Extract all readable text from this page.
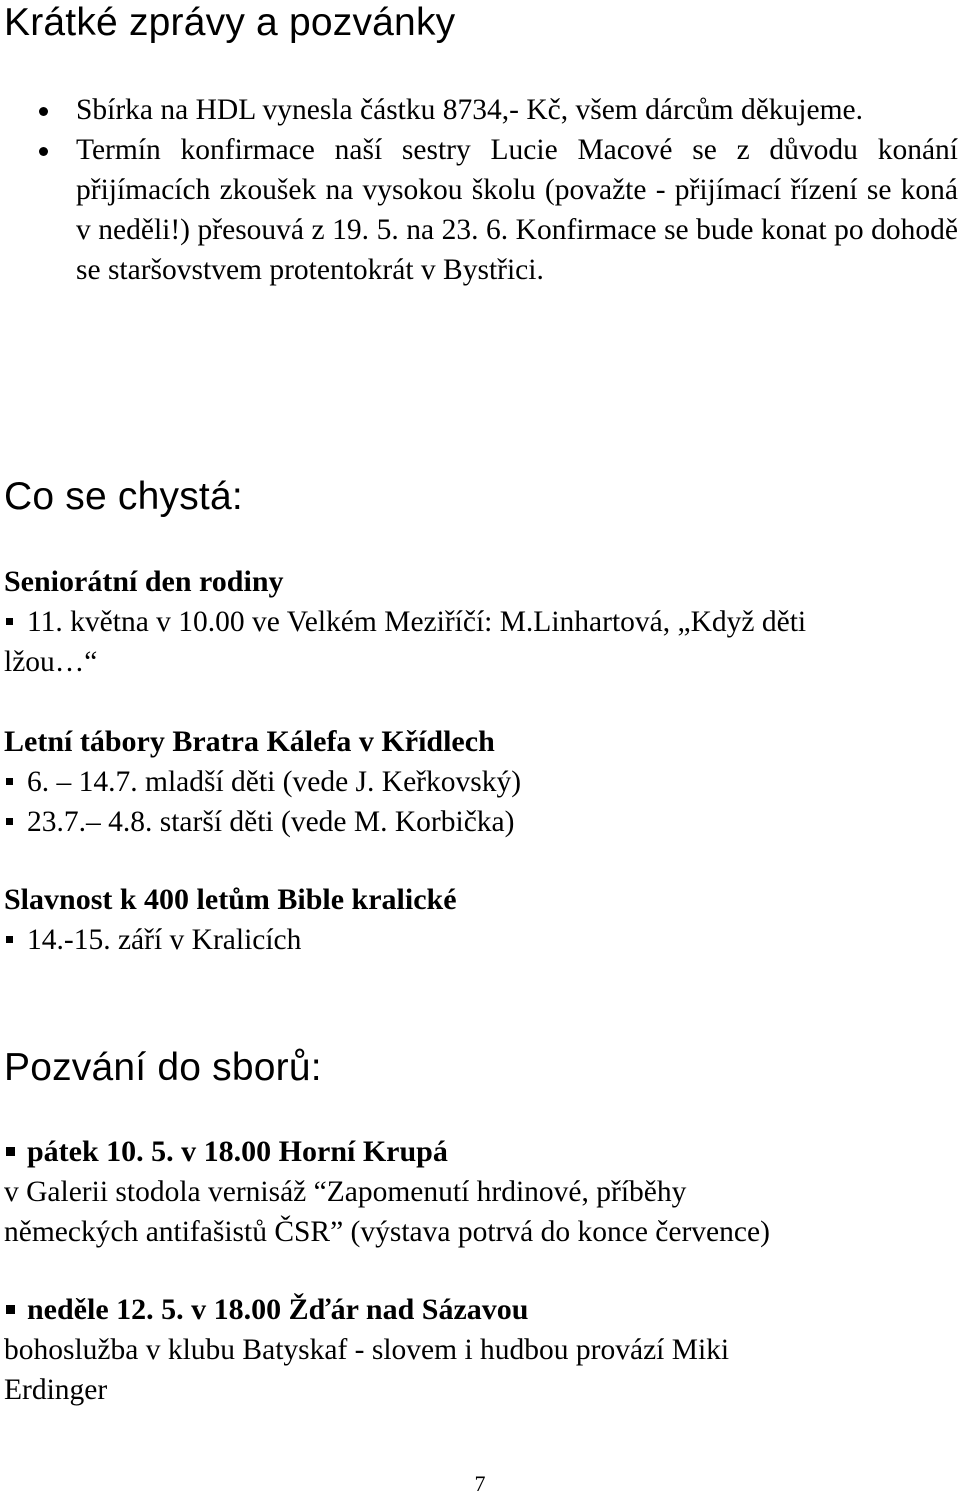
Krátké zprávy a pozvánky
Sbírka na HDL vynesla částku 8734,- Kč, všem dárcům děkujeme.
Termín konfirmace naší sestry Lucie Macové se z důvodu konání přijímacích zkoušek na vysokou školu (považte - přijímací řízení se koná v neděli!) přesouvá z 19. 5. na 23. 6. Konfirmace se bude konat po dohodě se staršovstvem protentokrát v Bystřici.
Co se chystá:

Seniorátní den rodiny

11. května v 10.00 ve Velkém Meziříčí: M.Linhartová, „Když děti

lžou…“

Letní tábory Bratra Kálefa v Křídlech

6. – 14.7. mladší děti (vede J. Keřkovský)

23.7.– 4.8. starší děti (vede M. Korbička)

Slavnost k 400 letům Bible kralické

14.-15. září v Kralicích

Pozvání do sborů:

pátek 10. 5. v 18.00 Horní Krupá

v Galerii stodola vernisáž “Zapomenutí hrdinové, příběhy

německých antifašistů ČSR” (výstava potrvá do konce července)

neděle 12. 5. v 18.00 Žďár nad Sázavou

bohoslužba v klubu Batyskaf - slovem i hudbou provází Miki

Erdinger

7
